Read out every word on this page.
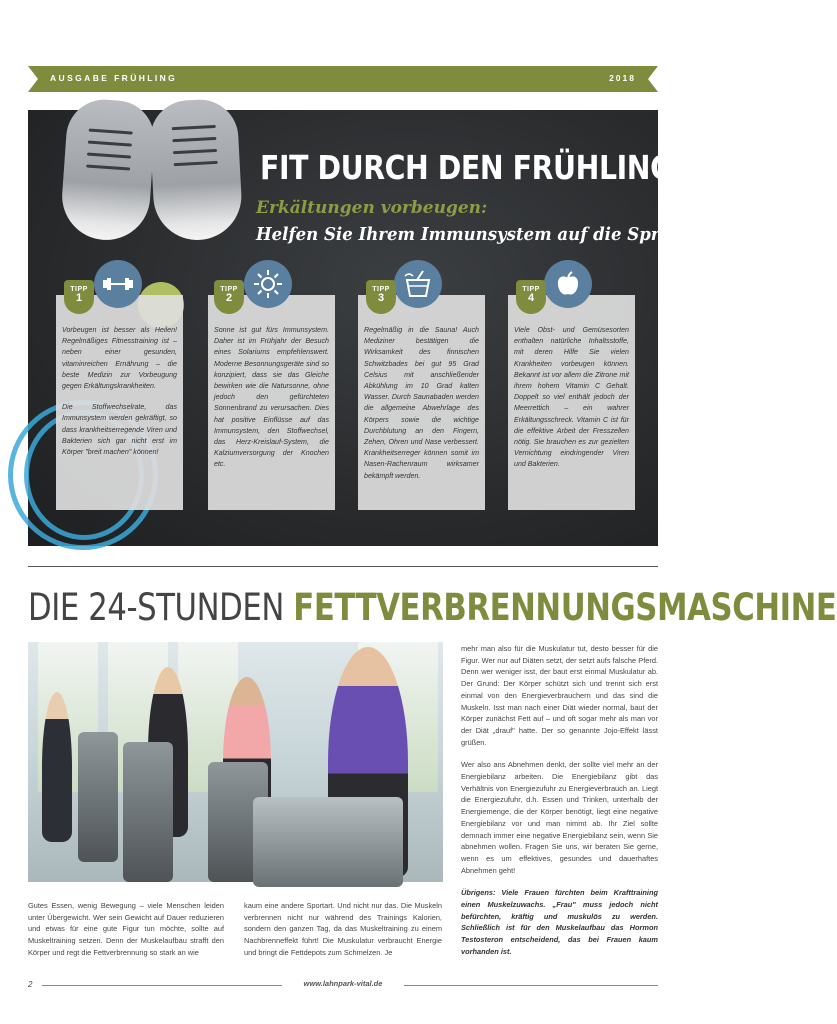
AUSGABE FRÜHLING	2018
FIT DURCH DEN FRÜHLING!
Erkältungen vorbeugen:
Helfen Sie Ihrem Immunsystem auf die Sprünge.

Vorbeugen ist besser als Heilen! Regelmäßiges Fitnesstraining ist – neben einer gesunden, vitaminreichen Ernährung – die beste Medizin zur Vorbeugung gegen Erkältungskrankheiten.

Die Stoffwechselrate, das Immunsystem werden gekräftigt, so dass krankheitserregende Viren und Bakterien sich gar nicht erst im Körper "breit machen" können!

TIPP
1

Sonne ist gut fürs Immunsystem. Daher ist im Frühjahr der Besuch eines Solariums empfehlenswert. Moderne Besonnungsgeräte sind so konzipiert, dass sie das Gleiche bewirken wie die Natursonne, ohne jedoch den gefürchteten Sonnenbrand zu verursachen. Dies hat positive Einflüsse auf das Immunsystem, den Stoffwechsel, das Herz-Kreislauf-System, die Kalziumversorgung der Knochen etc.

TIPP
2

Regelmäßig in die Sauna! Auch Mediziner bestätigen die Wirksamkeit des finnischen Schwitzbades bei gut 95 Grad Celsius mit anschließender Abkühlung im 10 Grad kalten Wasser. Durch Saunabaden werden die allgemeine Abwehrlage des Körpers sowie die wichtige Durchblutung an den Fingern, Zehen, Ohren und Nase verbessert. Krankheitserreger können somit im Nasen-Rachenraum wirksamer bekämpft werden.

TIPP
3

Viele Obst- und Gemüsesorten enthalten natürliche Inhaltsstoffe, mit deren Hilfe Sie vielen Krankheiten vorbeugen können. Bekannt ist vor allem die Zitrone mit ihrem hohem Vitamin C Gehalt. Doppelt so viel enthält jedoch der Meerrettich – ein wahrer Erkältungsschreck. Vitamin C ist für die effektive Arbeit der Fresszellen nötig. Sie brauchen es zur gezielten Vernichtung eindringender Viren und Bakterien.

TIPP
4
DIE 24-STUNDEN FETTVERBRENNUNGSMASCHINE

Gutes Essen, wenig Bewegung – viele Menschen leiden unter Übergewicht. Wer sein Gewicht auf Dauer reduzieren und etwas für eine gute Figur tun möchte, sollte auf Muskeltraining setzen. Denn der Muskelaufbau strafft den Körper und regt die Fettverbrennung so stark an wie

kaum eine andere Sportart. Und nicht nur das. Die Muskeln verbrennen nicht nur während des Trainings Kalorien, sondern den ganzen Tag, da das Muskeltraining zu einem Nachbrenneffekt führt! Die Muskulatur verbraucht Energie und bringt die Fettdepots zum Schmelzen. Je

mehr man also für die Muskulatur tut, desto besser für die Figur. Wer nur auf Diäten setzt, der setzt aufs falsche Pferd. Denn wer weniger isst, der baut erst einmal Muskulatur ab. Der Grund: Der Körper schützt sich und trennt sich erst einmal von den Energieverbrauchern und das sind die Muskeln. Isst man nach einer Diät wieder normal, baut der Körper zunächst Fett auf – und oft sogar mehr als man vor der Diät „drauf" hatte. Der so genannte Jojo-Effekt lässt grüßen.

Wer also ans Abnehmen denkt, der sollte viel mehr an der Energiebilanz arbeiten. Die Energiebilanz gibt das Verhältnis von Energiezufuhr zu Energieverbrauch an. Liegt die Energiezufuhr, d.h. Essen und Trinken, unterhalb der Energiemenge, die der Körper benötigt, liegt eine negative Energiebilanz vor und man nimmt ab. Ihr Ziel sollte demnach immer eine negative Energiebilanz sein, wenn Sie abnehmen wollen. Fragen Sie uns, wir beraten Sie gerne, wenn es um effektives, gesundes und dauerhaftes Abnehmen geht!

Übrigens: Viele Frauen fürchten beim Krafttraining einen Muskelzuwachs. „Frau" muss jedoch nicht befürchten, kräftig und muskulös zu werden. Schließlich ist für den Muskelaufbau das Hormon Testosteron entscheidend, das bei Frauen kaum vorhanden ist.

2	www.lahnpark-vital.de
